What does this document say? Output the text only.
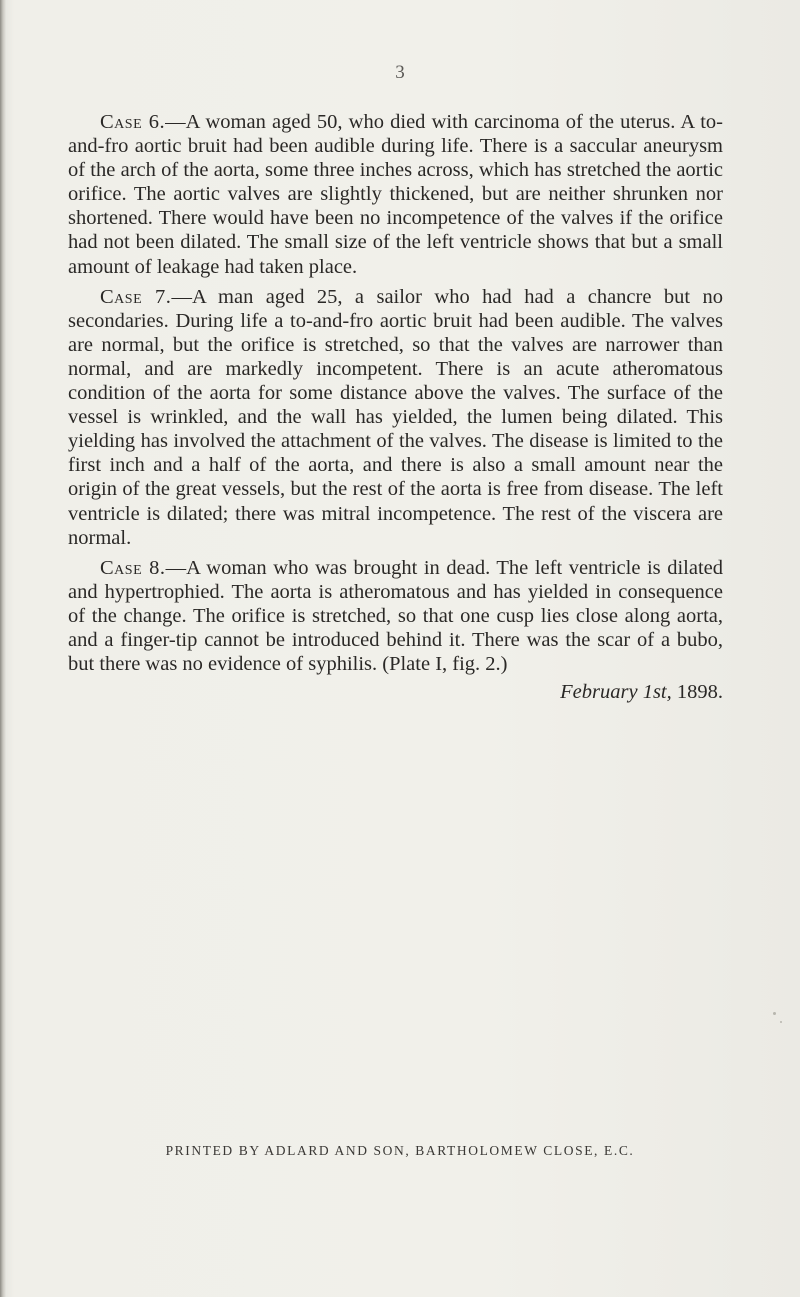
3

Case 6.—A woman aged 50, who died with carcinoma of the uterus. A to-and-fro aortic bruit had been audible during life. There is a saccular aneurysm of the arch of the aorta, some three inches across, which has stretched the aortic orifice. The aortic valves are slightly thickened, but are neither shrunken nor shortened. There would have been no incompetence of the valves if the orifice had not been dilated. The small size of the left ventricle shows that but a small amount of leakage had taken place.

Case 7.—A man aged 25, a sailor who had had a chancre but no secondaries. During life a to-and-fro aortic bruit had been audible. The valves are normal, but the orifice is stretched, so that the valves are narrower than normal, and are markedly incompetent. There is an acute atheromatous condition of the aorta for some distance above the valves. The surface of the vessel is wrinkled, and the wall has yielded, the lumen being dilated. This yielding has involved the attachment of the valves. The disease is limited to the first inch and a half of the aorta, and there is also a small amount near the origin of the great vessels, but the rest of the aorta is free from disease. The left ventricle is dilated; there was mitral incompetence. The rest of the viscera are normal.

Case 8.—A woman who was brought in dead. The left ventricle is dilated and hypertrophied. The aorta is atheromatous and has yielded in consequence of the change. The orifice is stretched, so that one cusp lies close along aorta, and a finger-tip cannot be introduced behind it. There was the scar of a bubo, but there was no evidence of syphilis. (Plate I, fig. 2.)

February 1st, 1898.
PRINTED BY ADLARD AND SON, BARTHOLOMEW CLOSE, E.C.
